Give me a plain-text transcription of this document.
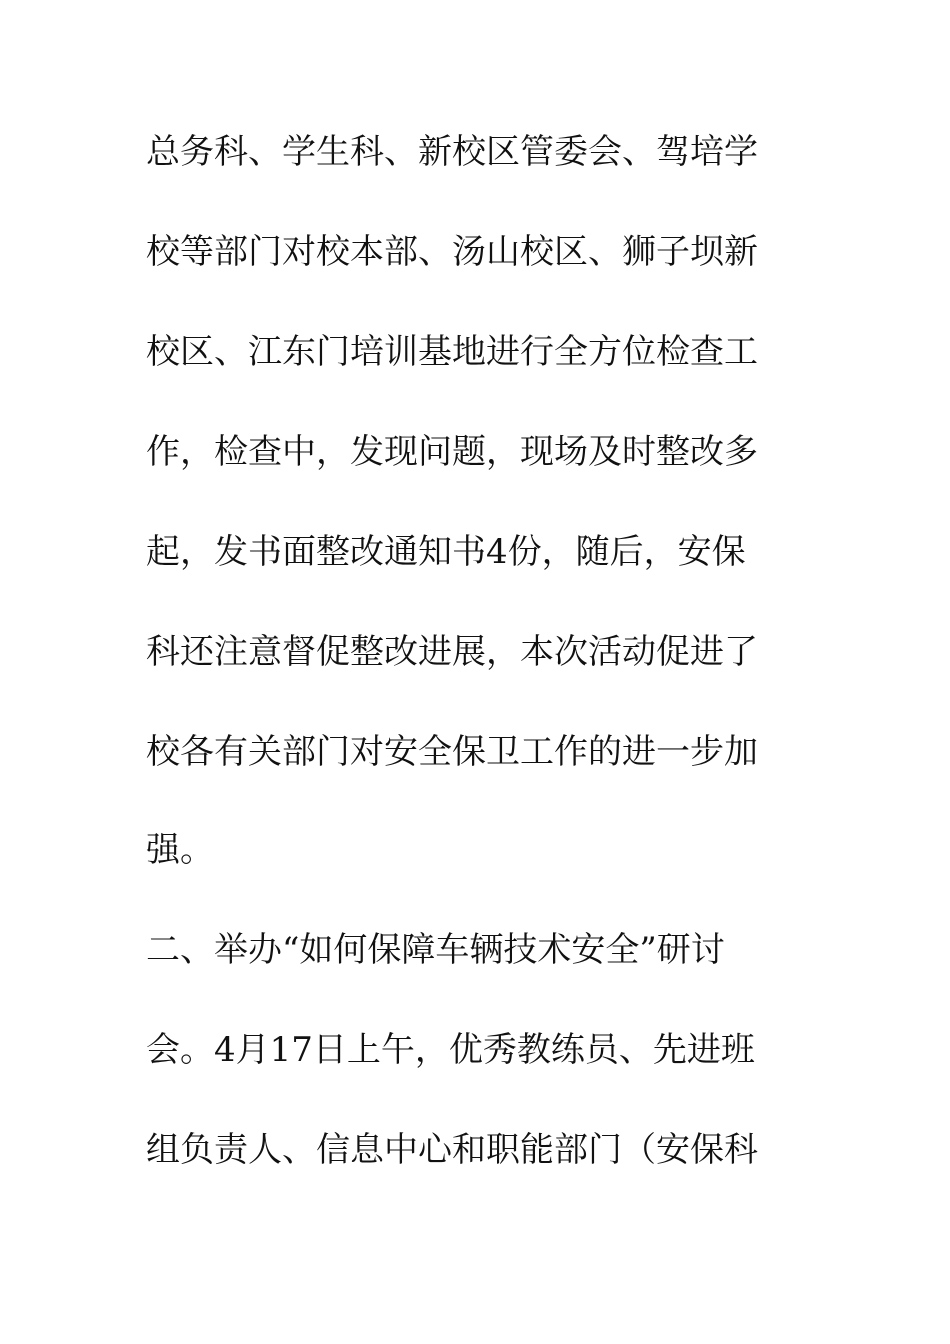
总务科、学生科、新校区管委会、驾培学
校等部门对校本部、汤山校区、狮子坝新
校区、江东门培训基地进行全方位检查工
作，检查中，发现问题，现场及时整改多
起，发书面整改通知书4份，随后，安保
科还注意督促整改进展，本次活动促进了
校各有关部门对安全保卫工作的进一步加
强。
二、举办“如何保障车辆技术安全”研讨
会。4月17日上午，优秀教练员、先进班
组负责人、信息中心和职能部门（安保科
